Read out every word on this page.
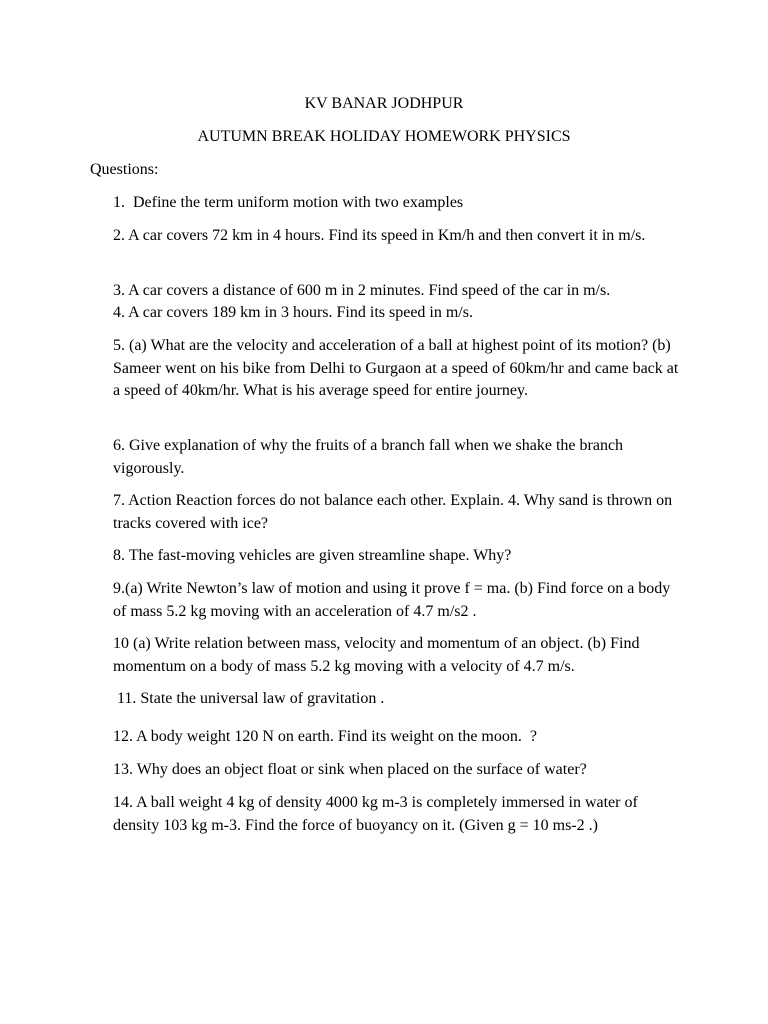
KV BANAR JODHPUR

AUTUMN BREAK HOLIDAY HOMEWORK PHYSICS

Questions:

1.  Define the term uniform motion with two examples

2. A car covers 72 km in 4 hours. Find its speed in Km/h and then convert it in m/s.

3. A car covers a distance of 600 m in 2 minutes. Find speed of the car in m/s.

4. A car covers 189 km in 3 hours. Find its speed in m/s.

5. (a) What are the velocity and acceleration of a ball at highest point of its motion? (b) Sameer went on his bike from Delhi to Gurgaon at a speed of 60km/hr and came back at a speed of 40km/hr. What is his average speed for entire journey.

6. Give explanation of why the fruits of a branch fall when we shake the branch vigorously.

7. Action Reaction forces do not balance each other. Explain. 4. Why sand is thrown on tracks covered with ice?

8. The fast-moving vehicles are given streamline shape. Why?

9.(a) Write Newton’s law of motion and using it prove f = ma. (b) Find force on a body of mass 5.2 kg moving with an acceleration of 4.7 m/s2 .

10 (a) Write relation between mass, velocity and momentum of an object. (b) Find momentum on a body of mass 5.2 kg moving with a velocity of 4.7 m/s.

11. State the universal law of gravitation .

12. A body weight 120 N on earth. Find its weight on the moon.  ?

13. Why does an object float or sink when placed on the surface of water?

14. A ball weight 4 kg of density 4000 kg m-3 is completely immersed in water of density 103 kg m-3. Find the force of buoyancy on it. (Given g = 10 ms-2 .)
